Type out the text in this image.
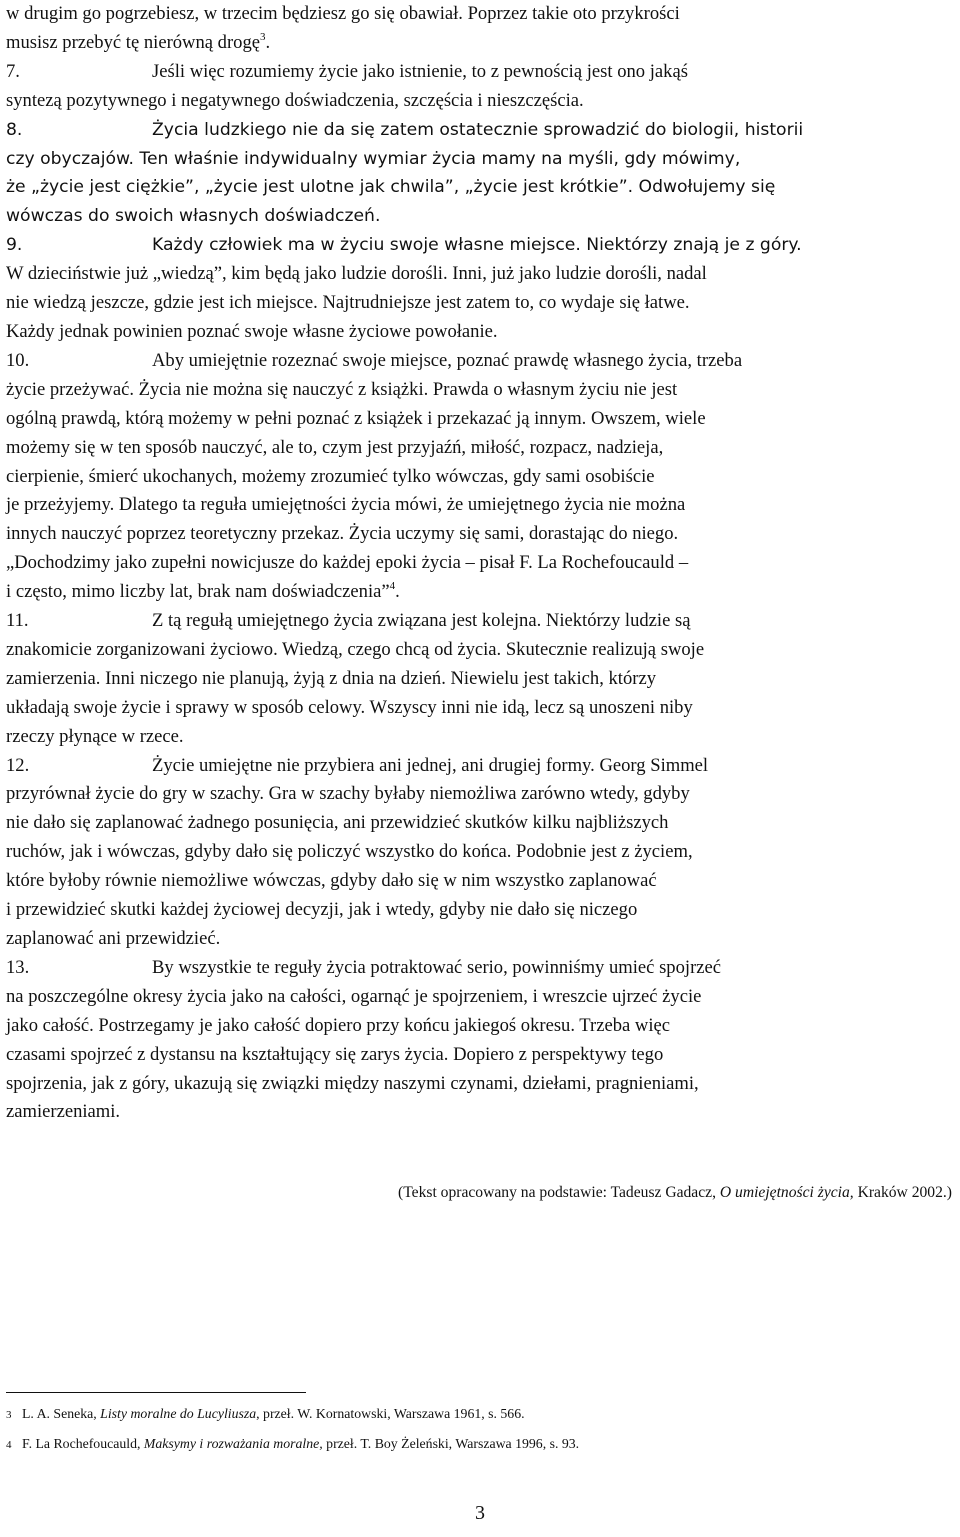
w drugim go pogrzebiesz, w trzecim będziesz go się obawiał. Poprzez takie oto przykrości
musisz przebyć tę nierówną drogę$^3$.
7.	Jeśli więc rozumiemy życie jako istnienie, to z pewnością jest ono jakąś
syntezą pozytywnego i negatywnego doświadczenia, szczęścia i nieszczęścia.
8.	Życia ludzkiego nie da się zatem ostatecznie sprowadzić do biologii, historii
czy obyczajów. Ten właśnie indywidualny wymiar życia mamy na myśli, gdy mówimy,
że „życie jest ciężkie”, „życie jest ulotne jak chwila”, „życie jest krótkie”. Odwołujemy się
wówczas do swoich własnych doświadczeń.
9.	Każdy człowiek ma w życiu swoje własne miejsce. Niektórzy znają je z góry.
W dzieciństwie już „wiedzą”, kim będą jako ludzie dorośli. Inni, już jako ludzie dorośli, nadal
nie wiedzą jeszcze, gdzie jest ich miejsce. Najtrudniejsze jest zatem to, co wydaje się łatwe.
Każdy jednak powinien poznać swoje własne życiowe powołanie.
10.	Aby umiejętnie rozeznać swoje miejsce, poznać prawdę własnego życia, trzeba
życie przeżywać. Życia nie można się nauczyć z książki. Prawda o własnym życiu nie jest
ogólną prawdą, którą możemy w pełni poznać z książek i przekazać ją innym. Owszem, wiele
możemy się w ten sposób nauczyć, ale to, czym jest przyjaźń, miłość, rozpacz, nadzieja,
cierpienie, śmierć ukochanych, możemy zrozumieć tylko wówczas, gdy sami osobiście
je przeżyjemy. Dlatego ta reguła umiejętności życia mówi, że umiejętnego życia nie można
innych nauczyć poprzez teoretyczny przekaz. Życia uczymy się sami, dorastając do niego.
„Dochodzimy jako zupełni nowicjusze do każdej epoki życia – pisał F. La Rochefoucauld –
i często, mimo liczby lat, brak nam doświadczenia”$^4$.
11.	Z tą regułą umiejętnego życia związana jest kolejna. Niektórzy ludzie są
znakomicie zorganizowani życiowo. Wiedzą, czego chcą od życia. Skutecznie realizują swoje
zamierzenia. Inni niczego nie planują, żyją z dnia na dzień. Niewielu jest takich, którzy
układają swoje życie i sprawy w sposób celowy. Wszyscy inni nie idą, lecz są unoszeni niby
rzeczy płynące w rzece.
12.	Życie umiejętne nie przybiera ani jednej, ani drugiej formy. Georg Simmel
przyrównał życie do gry w szachy. Gra w szachy byłaby niemożliwa zarówno wtedy, gdyby
nie dało się zaplanować żadnego posunięcia, ani przewidzieć skutków kilku najbliższych
ruchów, jak i wówczas, gdyby dało się policzyć wszystko do końca. Podobnie jest z życiem,
które byłoby równie niemożliwe wówczas, gdyby dało się w nim wszystko zaplanować
i przewidzieć skutki każdej życiowej decyzji, jak i wtedy, gdyby nie dało się niczego
zaplanować ani przewidzieć.
13.	By wszystkie te reguły życia potraktować serio, powinniśmy umieć spojrzeć
na poszczególne okresy życia jako na całości, ogarnąć je spojrzeniem, i wreszcie ujrzeć życie
jako całość. Postrzegamy je jako całość dopiero przy końcu jakiegoś okresu. Trzeba więc
czasami spojrzeć z dystansu na kształtujący się zarys życia. Dopiero z perspektywy tego
spojrzenia, jak z góry, ukazują się związki między naszymi czynami, dziełami, pragnieniami,
zamierzeniami.
(Tekst opracowany na podstawie: Tadeusz Gadacz, O umiejętności życia, Kraków 2002.)
3 L. A. Seneka, Listy moralne do Lucyliusza, przeł. W. Kornatowski, Warszawa 1961, s. 566.
4 F. La Rochefoucauld, Maksymy i rozważania moralne, przeł. T. Boy Żeleński, Warszawa 1996, s. 93.
3
